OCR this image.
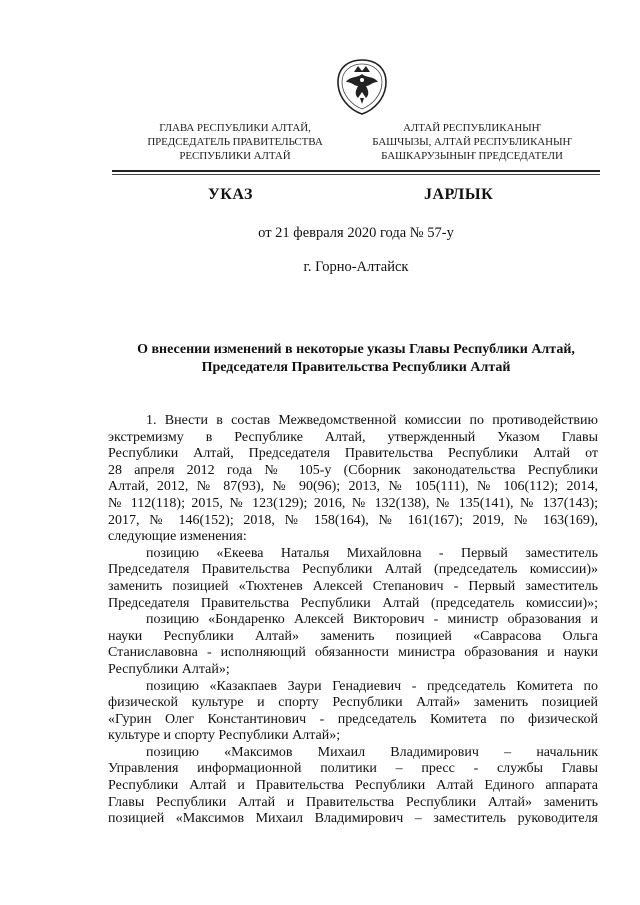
ГЛАВА РЕСПУБЛИКИ АЛТАЙ,
ПРЕДСЕДАТЕЛЬ ПРАВИТЕЛЬСТВА
РЕСПУБЛИКИ АЛТАЙ
АЛТАЙ РЕСПУБЛИКАНЫҤ
БАШЧЫЗЫ, АЛТАЙ РЕСПУБЛИКАНЫҤ
БАШКАРУЗЫНЫҤ ПРЕДСЕДАТЕЛИ
УКАЗ	JАРЛЫК
от 21 февраля 2020 года № 57-у
г. Горно-Алтайск
О внесении изменений в некоторые указы Главы Республики Алтай,
Председателя Правительства Республики Алтай
1. Внести в состав Межведомственной комиссии по противодействию
экстремизму в Республике Алтай, утвержденный Указом Главы
Республики Алтай, Председателя Правительства Республики Алтай от
28 апреля 2012 года № 105-у (Сборник законодательства Республики
Алтай, 2012, № 87(93), № 90(96); 2013, № 105(111), № 106(112); 2014,
№ 112(118); 2015, № 123(129); 2016, № 132(138), № 135(141), № 137(143);
2017, № 146(152); 2018, № 158(164), № 161(167); 2019, № 163(169),
следующие изменения:
позицию «Екеева Наталья Михайловна - Первый заместитель
Председателя Правительства Республики Алтай (председатель комиссии)»
заменить позицией «Тюхтенев Алексей Степанович - Первый заместитель
Председателя Правительства Республики Алтай (председатель комиссии)»;
позицию «Бондаренко Алексей Викторович - министр образования и
науки Республики Алтай» заменить позицией «Саврасова Ольга
Станиславовна - исполняющий обязанности министра образования и науки
Республики Алтай»;
позицию «Казакпаев Заури Генадиевич - председатель Комитета по
физической культуре и спорту Республики Алтай» заменить позицией
«Гурин Олег Константинович - председатель Комитета по физической
культуре и спорту Республики Алтай»;
позицию «Максимов Михаил Владимирович – начальник
Управления информационной политики – пресс - службы Главы
Республики Алтай и Правительства Республики Алтай Единого аппарата
Главы Республики Алтай и Правительства Республики Алтай» заменить
позицией «Максимов Михаил Владимирович – заместитель руководителя
